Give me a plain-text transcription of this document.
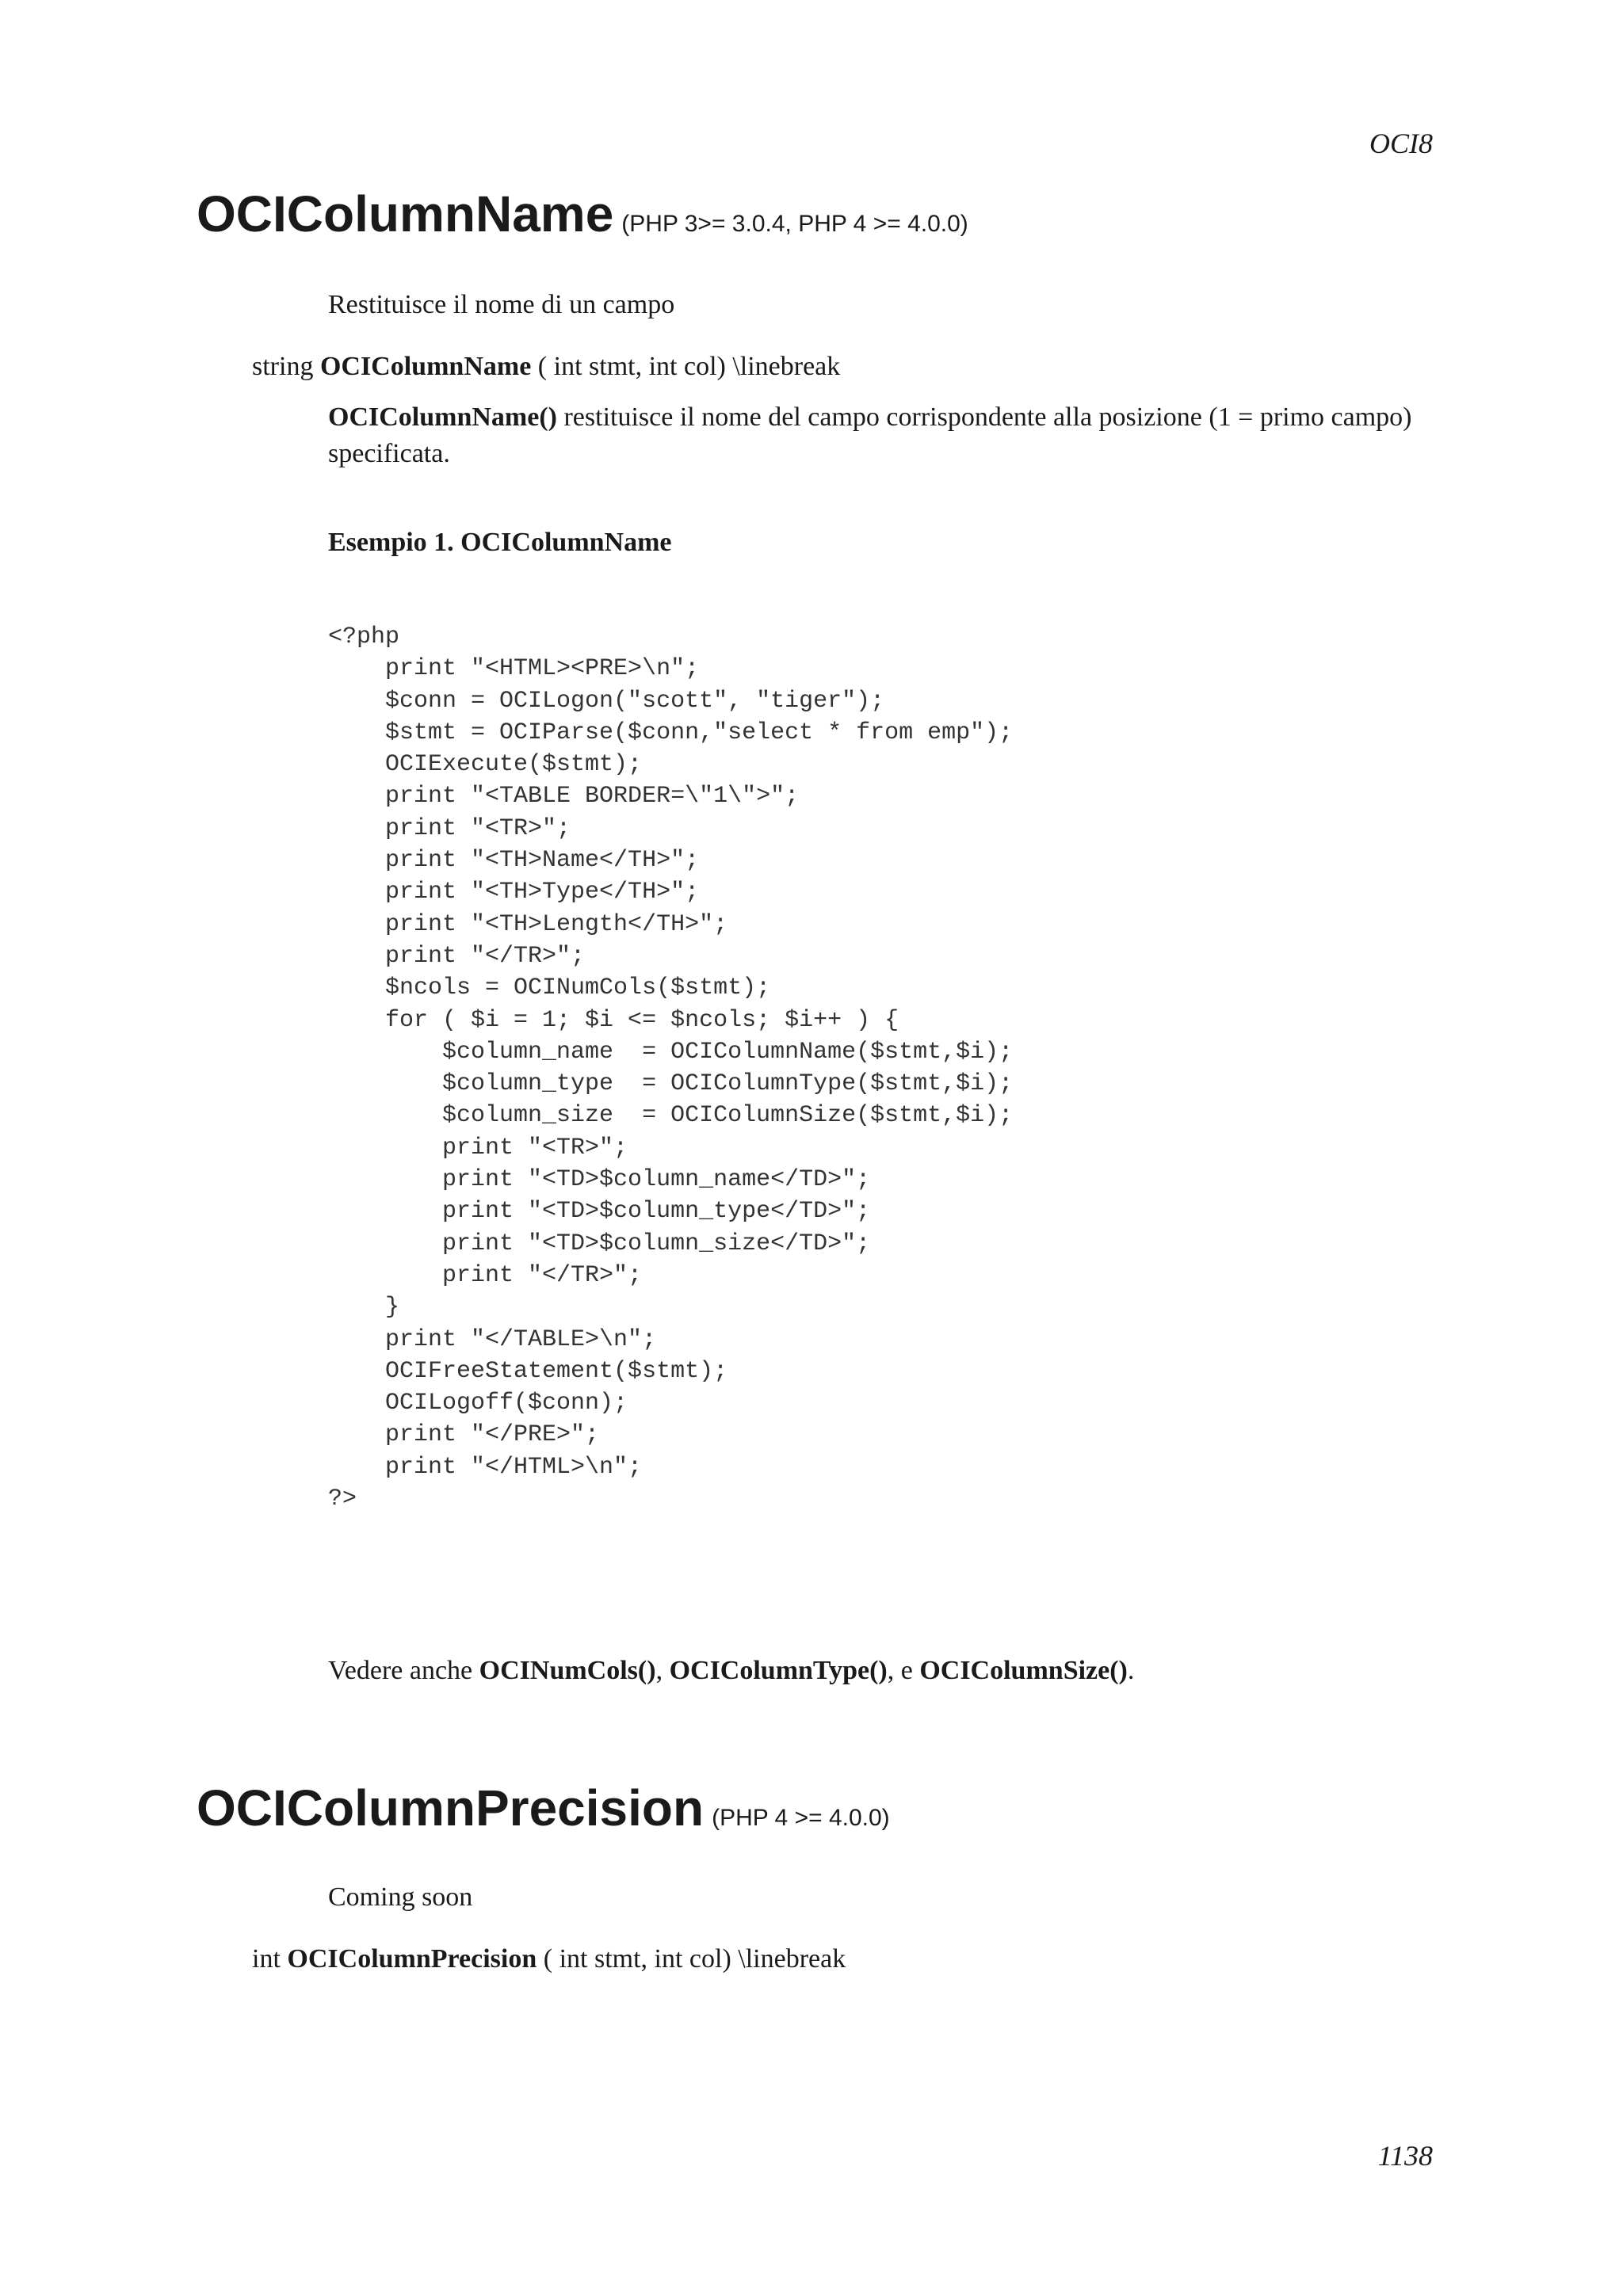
OCI8
OCIColumnName (PHP 3>= 3.0.4, PHP 4 >= 4.0.0)

Restituisce il nome di un campo

string OCIColumnName ( int stmt, int col) \linebreak

OCIColumnName() restituisce il nome del campo corrispondente alla posizione (1 = primo campo) specificata.

Esempio 1. OCIColumnName

<?php
print "<HTML><PRE>\n";
$conn = OCILogon("scott", "tiger");
$stmt = OCIParse($conn,"select * from emp");
OCIExecute($stmt);
print "<TABLE BORDER=\"1\">";
print "<TR>";
print "<TH>Name</TH>";
print "<TH>Type</TH>";
print "<TH>Length</TH>";
print "</TR>";
$ncols = OCINumCols($stmt);
for ( $i = 1; $i <= $ncols; $i++ ) {
$column_name  = OCIColumnName($stmt,$i);
$column_type  = OCIColumnType($stmt,$i);
$column_size  = OCIColumnSize($stmt,$i);
print "<TR>";
print "<TD>$column_name</TD>";
print "<TD>$column_type</TD>";
print "<TD>$column_size</TD>";
print "</TR>";
}
print "</TABLE>\n";
OCIFreeStatement($stmt);
OCILogoff($conn);
print "</PRE>";
print "</HTML>\n";
?>

Vedere anche OCINumCols(), OCIColumnType(), e OCIColumnSize().

OCIColumnPrecision (PHP 4 >= 4.0.0)

Coming soon

int OCIColumnPrecision ( int stmt, int col) \linebreak

1138
